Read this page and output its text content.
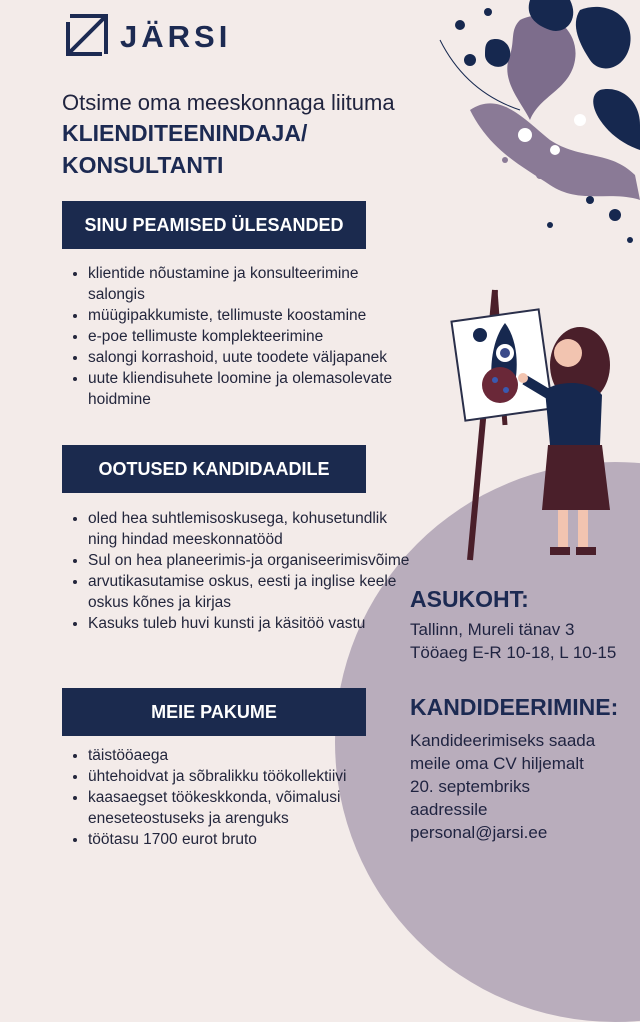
JÄRSI
Otsime oma meeskonnaga liituma
KLIENDITEENINDAJA/
KONSULTANTI
SINU PEAMISED ÜLESANDED
• klientide nõustamine ja konsulteerimine salongis
• müügipakkumiste, tellimuste koostamine
• e-poe tellimuste komplekteerimine
• salongi korrashoid, uute toodete väljapanek
• uute kliendisuhete loomine ja olemasolevate hoidmine
OOTUSED KANDIDAADILE
• oled hea suhtlemisoskusega, kohusetundlik ning hindad meeskonnatööd
• Sul on hea planeerimis-ja organiseerimisvõime
• arvutikasutamise oskus, eesti ja inglise keele oskus kõnes ja kirjas
• Kasuks tuleb huvi kunsti ja käsitöö vastu
MEIE PAKUME
• täistööaega
• ühtehoidvat ja sõbralikku töökollektiivi
• kaasaegset töökeskkonda, võimalusi eneseteostuseks ja arenguks
• töötasu 1700 eurot bruto
ASUKOHT:
Tallinn, Mureli tänav 3
Tööaeg E-R 10-18, L 10-15
KANDIDEERIMINE:
Kandideerimiseks saada
meile oma CV hiljemalt
20. septembriks
aadressile
personal@jarsi.ee
